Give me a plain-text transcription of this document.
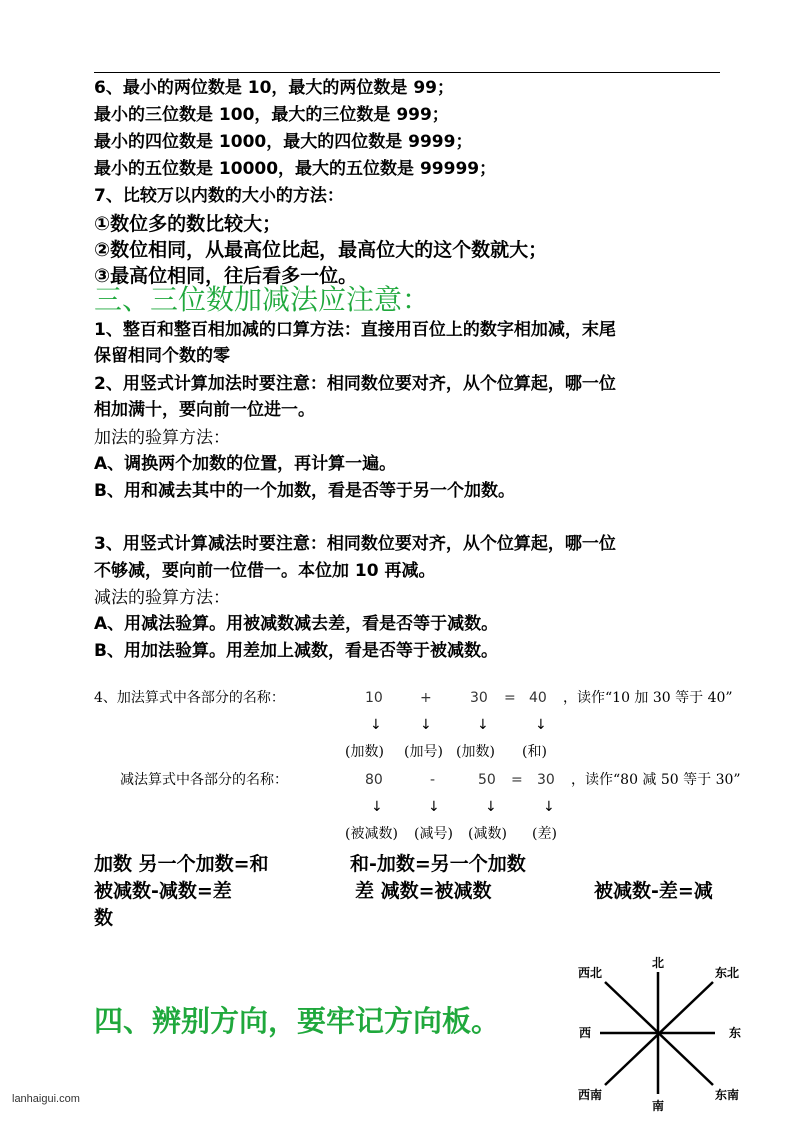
6、最小的两位数是 10，最大的两位数是 99；
最小的三位数是 100，最大的三位数是 999；
最小的四位数是 1000，最大的四位数是 9999；
最小的五位数是 10000，最大的五位数是 99999；
7、比较万以内数的大小的方法：
①数位多的数比较大；
②数位相同，从最高位比起，最高位大的这个数就大；
③最高位相同，往后看多一位。
三、三位数加减法应注意：
1、整百和整百相加减的口算方法：直接用百位上的数字相加减，末尾
保留相同个数的零
2、用竖式计算加法时要注意：相同数位要对齐，从个位算起，哪一位
相加满十，要向前一位进一。
加法的验算方法：
A、调换两个加数的位置，再计算一遍。
B、用和减去其中的一个加数，看是否等于另一个加数。
3、用竖式计算减法时要注意：相同数位要对齐，从个位算起，哪一位
不够减，要向前一位借一。本位加 10 再减。
减法的验算方法：
A、用减法验算。用被减数减去差，看是否等于减数。
B、用加法验算。用差加上减数，看是否等于被减数。
4、加法算式中各部分的名称：	10	+	30 = 40 ，读作“10 加 30 等于 40”
↓	↓	↓	↓
(加数) (加号) (加数) (和)
减法算式中各部分的名称：	80	-	50 = 30 ，读作“80 减 50 等于 30”
↓	↓	↓	↓
(被减数) (减号) (减数) (差)
加数 另一个加数=和	和-加数=另一个加数
被减数-减数=差	差 减数=被减数	被减数-差=减
数
四、辨别方向，要牢记方向板。
北
西北	东北
西	东
西南	东南
南
lanhaigui.com
